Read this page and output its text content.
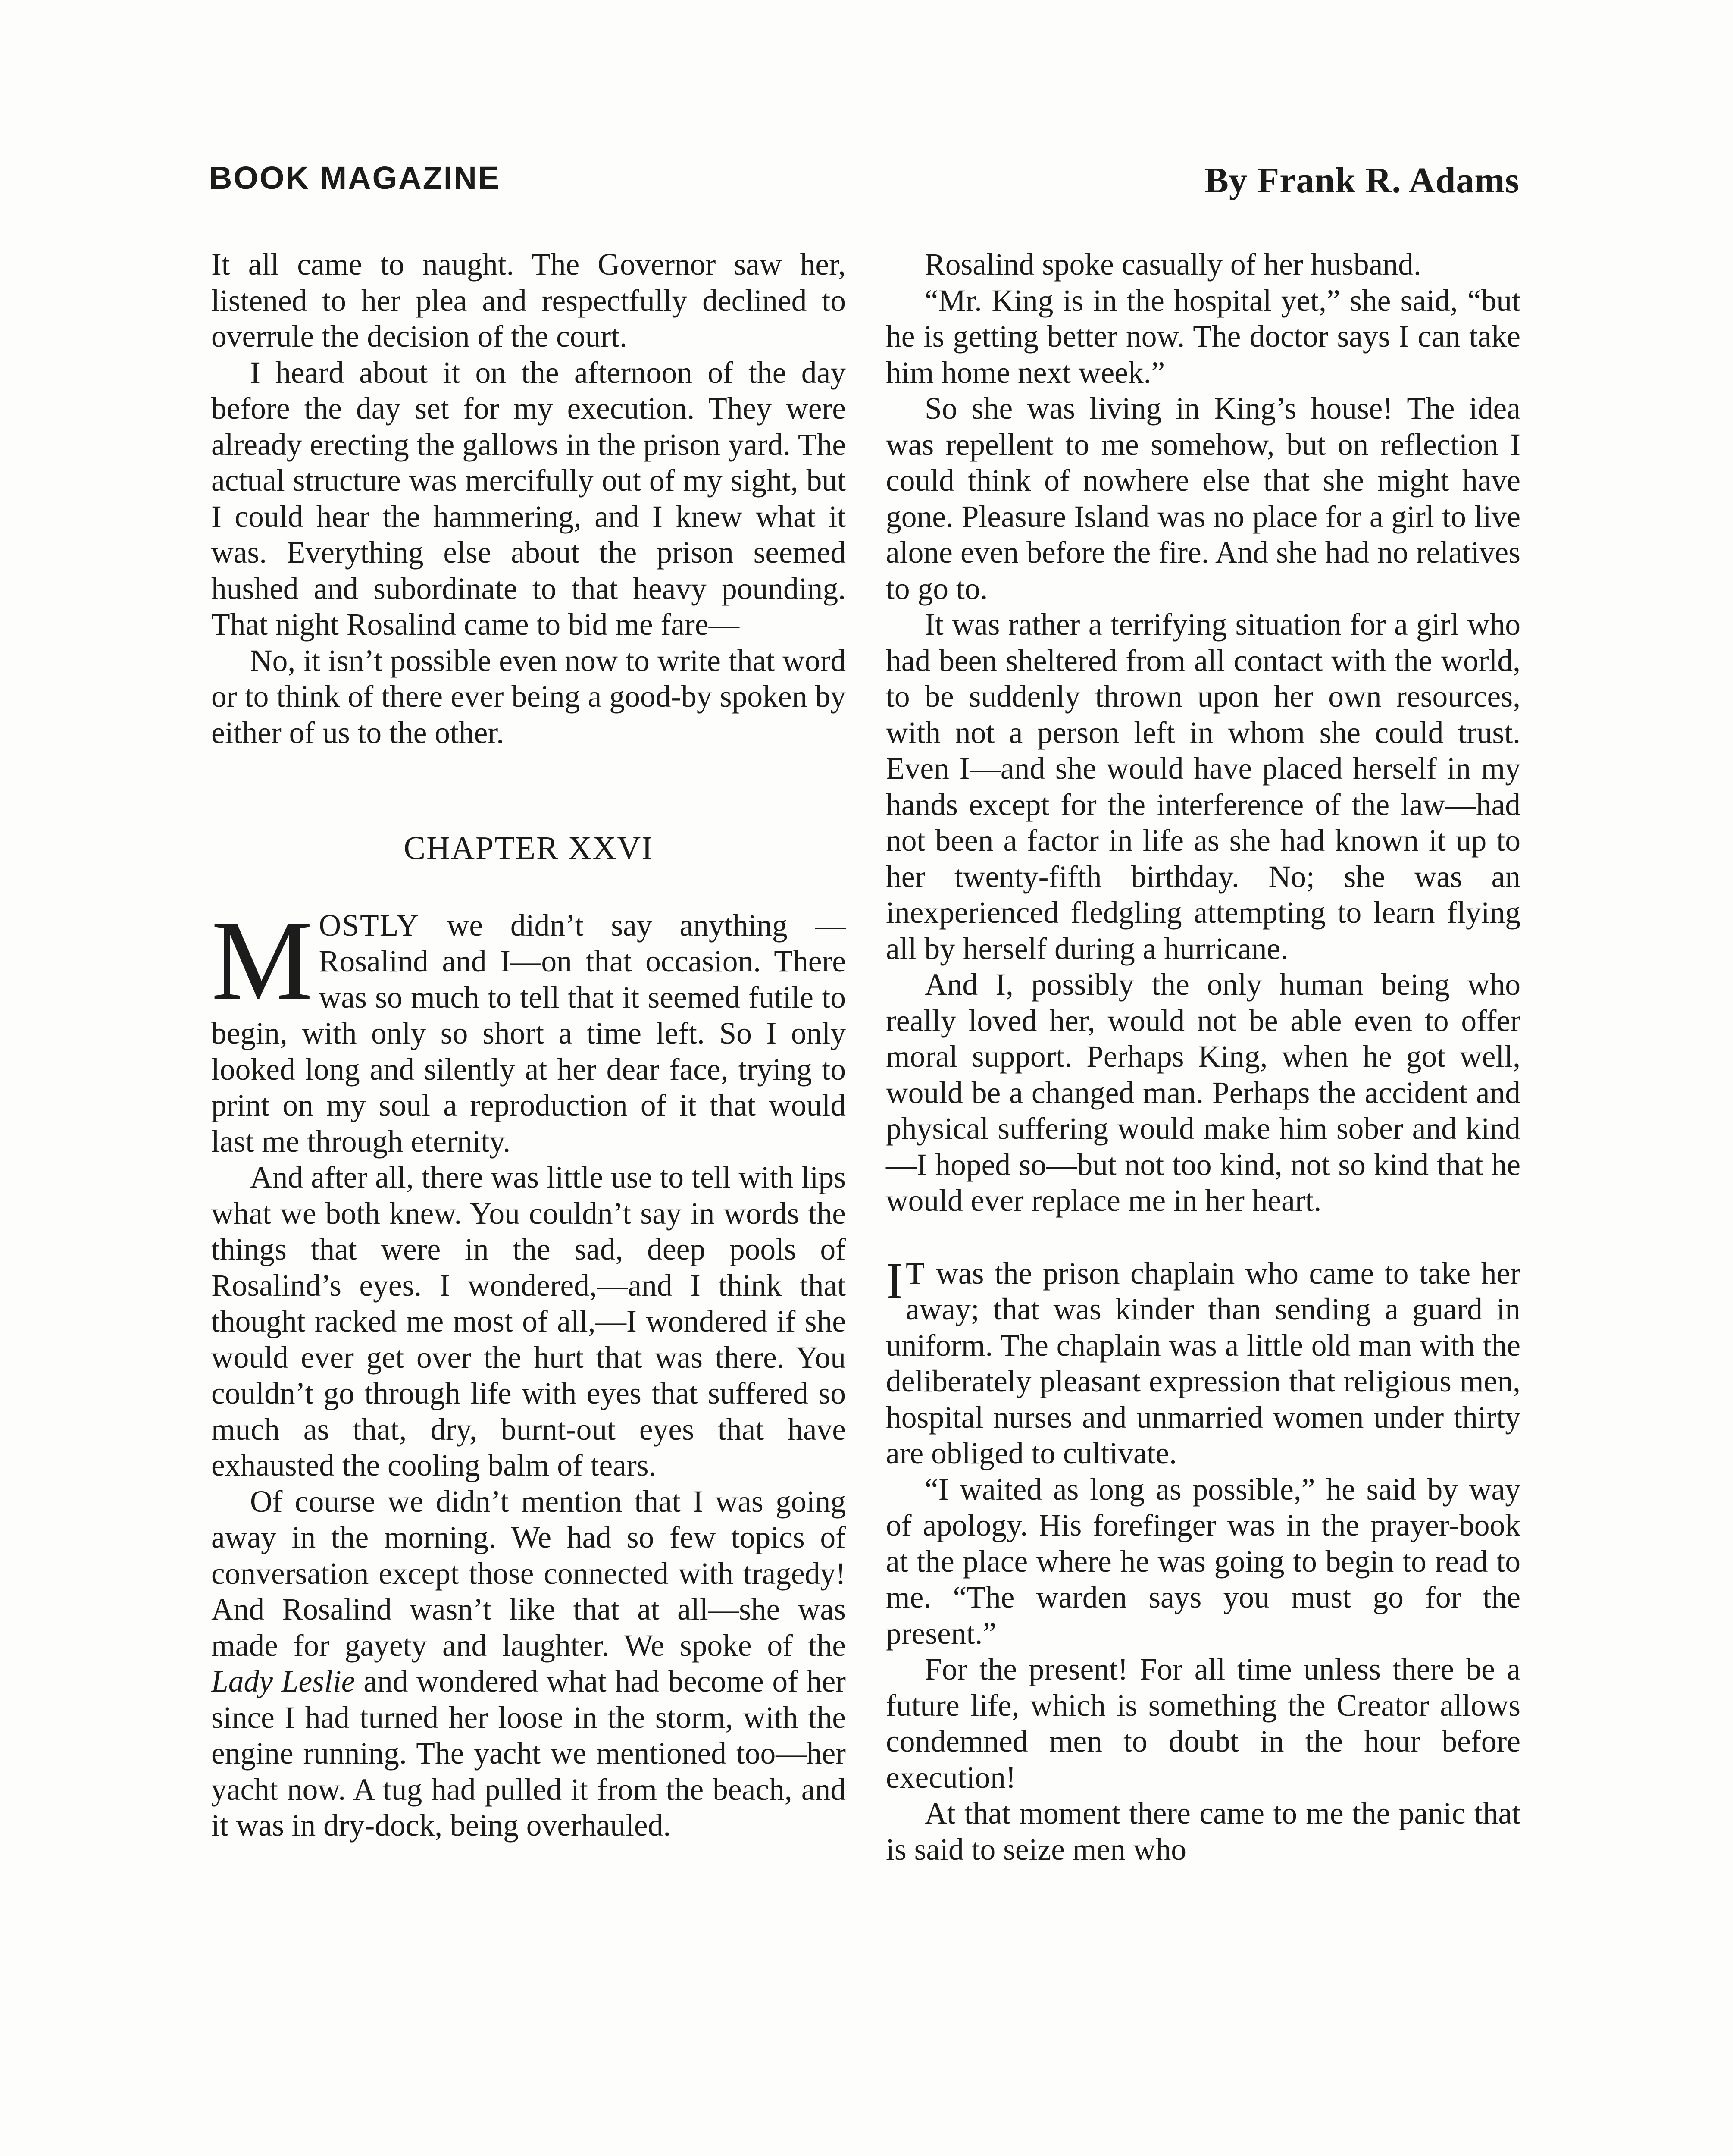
BOOK MAGAZINE	By Frank R. Adams

It all came to naught. The Governor saw her, listened to her plea and respectfully declined to overrule the decision of the court.

I heard about it on the afternoon of the day before the day set for my execution. They were already erecting the gallows in the prison yard. The actual structure was mercifully out of my sight, but I could hear the hammering, and I knew what it was. Everything else about the prison seemed hushed and subordinate to that heavy pounding. That night Rosalind came to bid me fare—

No, it isn’t possible even now to write that word or to think of there ever being a good-by spoken by either of us to the other.

CHAPTER XXVI

MOSTLY we didn’t say anything —Rosalind and I—on that occasion. There was so much to tell that it seemed futile to begin, with only so short a time left. So I only looked long and silently at her dear face, trying to print on my soul a reproduction of it that would last me through eternity.

And after all, there was little use to tell with lips what we both knew. You couldn’t say in words the things that were in the sad, deep pools of Rosalind’s eyes. I wondered,—and I think that thought racked me most of all,—I wondered if she would ever get over the hurt that was there. You couldn’t go through life with eyes that suffered so much as that, dry, burnt-out eyes that have exhausted the cooling balm of tears.

Of course we didn’t mention that I was going away in the morning. We had so few topics of conversation except those connected with tragedy! And Rosalind wasn’t like that at all—she was made for gayety and laughter. We spoke of the Lady Leslie and wondered what had become of her since I had turned her loose in the storm, with the engine running. The yacht we mentioned too—her yacht now. A tug had pulled it from the beach, and it was in dry-dock, being overhauled.

Rosalind spoke casually of her husband.

“Mr. King is in the hospital yet,” she said, “but he is getting better now. The doctor says I can take him home next week.”

So she was living in King’s house! The idea was repellent to me somehow, but on reflection I could think of nowhere else that she might have gone. Pleasure Island was no place for a girl to live alone even before the fire. And she had no relatives to go to.

It was rather a terrifying situation for a girl who had been sheltered from all contact with the world, to be suddenly thrown upon her own resources, with not a person left in whom she could trust. Even I—and she would have placed herself in my hands except for the interference of the law—had not been a factor in life as she had known it up to her twenty-fifth birthday. No; she was an inexperienced fledgling attempting to learn flying all by herself during a hurricane.

And I, possibly the only human being who really loved her, would not be able even to offer moral support. Perhaps King, when he got well, would be a changed man. Perhaps the accident and physical suffering would make him sober and kind—I hoped so—but not too kind, not so kind that he would ever replace me in her heart.

I T was the prison chaplain who came to take her away; that was kinder than sending a guard in uniform. The chaplain was a little old man with the deliberately pleasant expression that religious men, hospital nurses and unmarried women under thirty are obliged to cultivate.

“I waited as long as possible,” he said by way of apology. His forefinger was in the prayer-book at the place where he was going to begin to read to me. “The warden says you must go for the present.”

For the present! For all time unless there be a future life, which is something the Creator allows condemned men to doubt in the hour before execution!

At that moment there came to me the panic that is said to seize men who
